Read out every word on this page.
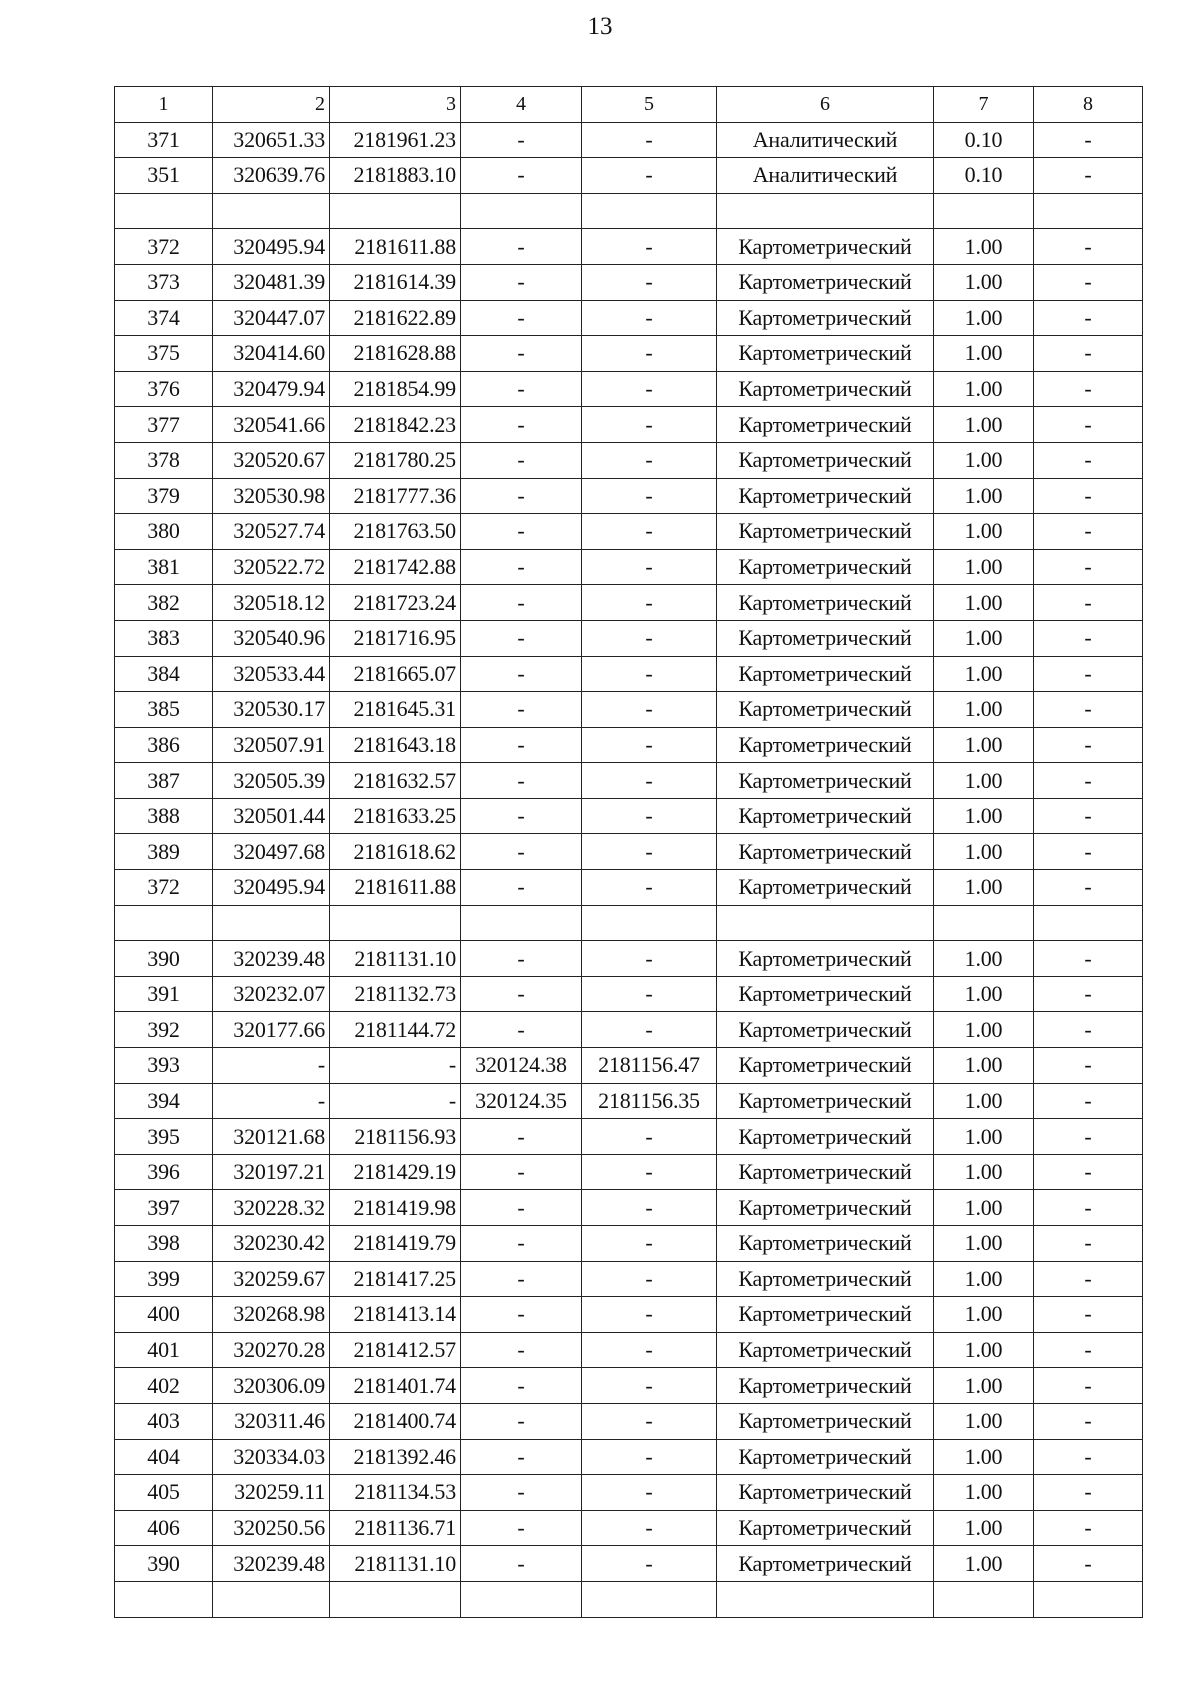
13
1	2	3	4	5	6	7	8
371	320651.33	2181961.23	-	-	Аналитический	0.10	-
351	320639.76	2181883.10	-	-	Аналитический	0.10	-

372	320495.94	2181611.88	-	-	Картометрический	1.00	-
373	320481.39	2181614.39	-	-	Картометрический	1.00	-
374	320447.07	2181622.89	-	-	Картометрический	1.00	-
375	320414.60	2181628.88	-	-	Картометрический	1.00	-
376	320479.94	2181854.99	-	-	Картометрический	1.00	-
377	320541.66	2181842.23	-	-	Картометрический	1.00	-
378	320520.67	2181780.25	-	-	Картометрический	1.00	-
379	320530.98	2181777.36	-	-	Картометрический	1.00	-
380	320527.74	2181763.50	-	-	Картометрический	1.00	-
381	320522.72	2181742.88	-	-	Картометрический	1.00	-
382	320518.12	2181723.24	-	-	Картометрический	1.00	-
383	320540.96	2181716.95	-	-	Картометрический	1.00	-
384	320533.44	2181665.07	-	-	Картометрический	1.00	-
385	320530.17	2181645.31	-	-	Картометрический	1.00	-
386	320507.91	2181643.18	-	-	Картометрический	1.00	-
387	320505.39	2181632.57	-	-	Картометрический	1.00	-
388	320501.44	2181633.25	-	-	Картометрический	1.00	-
389	320497.68	2181618.62	-	-	Картометрический	1.00	-
372	320495.94	2181611.88	-	-	Картометрический	1.00	-

390	320239.48	2181131.10	-	-	Картометрический	1.00	-
391	320232.07	2181132.73	-	-	Картометрический	1.00	-
392	320177.66	2181144.72	-	-	Картометрический	1.00	-
393	-	-	320124.38	2181156.47	Картометрический	1.00	-
394	-	-	320124.35	2181156.35	Картометрический	1.00	-
395	320121.68	2181156.93	-	-	Картометрический	1.00	-
396	320197.21	2181429.19	-	-	Картометрический	1.00	-
397	320228.32	2181419.98	-	-	Картометрический	1.00	-
398	320230.42	2181419.79	-	-	Картометрический	1.00	-
399	320259.67	2181417.25	-	-	Картометрический	1.00	-
400	320268.98	2181413.14	-	-	Картометрический	1.00	-
401	320270.28	2181412.57	-	-	Картометрический	1.00	-
402	320306.09	2181401.74	-	-	Картометрический	1.00	-
403	320311.46	2181400.74	-	-	Картометрический	1.00	-
404	320334.03	2181392.46	-	-	Картометрический	1.00	-
405	320259.11	2181134.53	-	-	Картометрический	1.00	-
406	320250.56	2181136.71	-	-	Картометрический	1.00	-
390	320239.48	2181131.10	-	-	Картометрический	1.00	-
